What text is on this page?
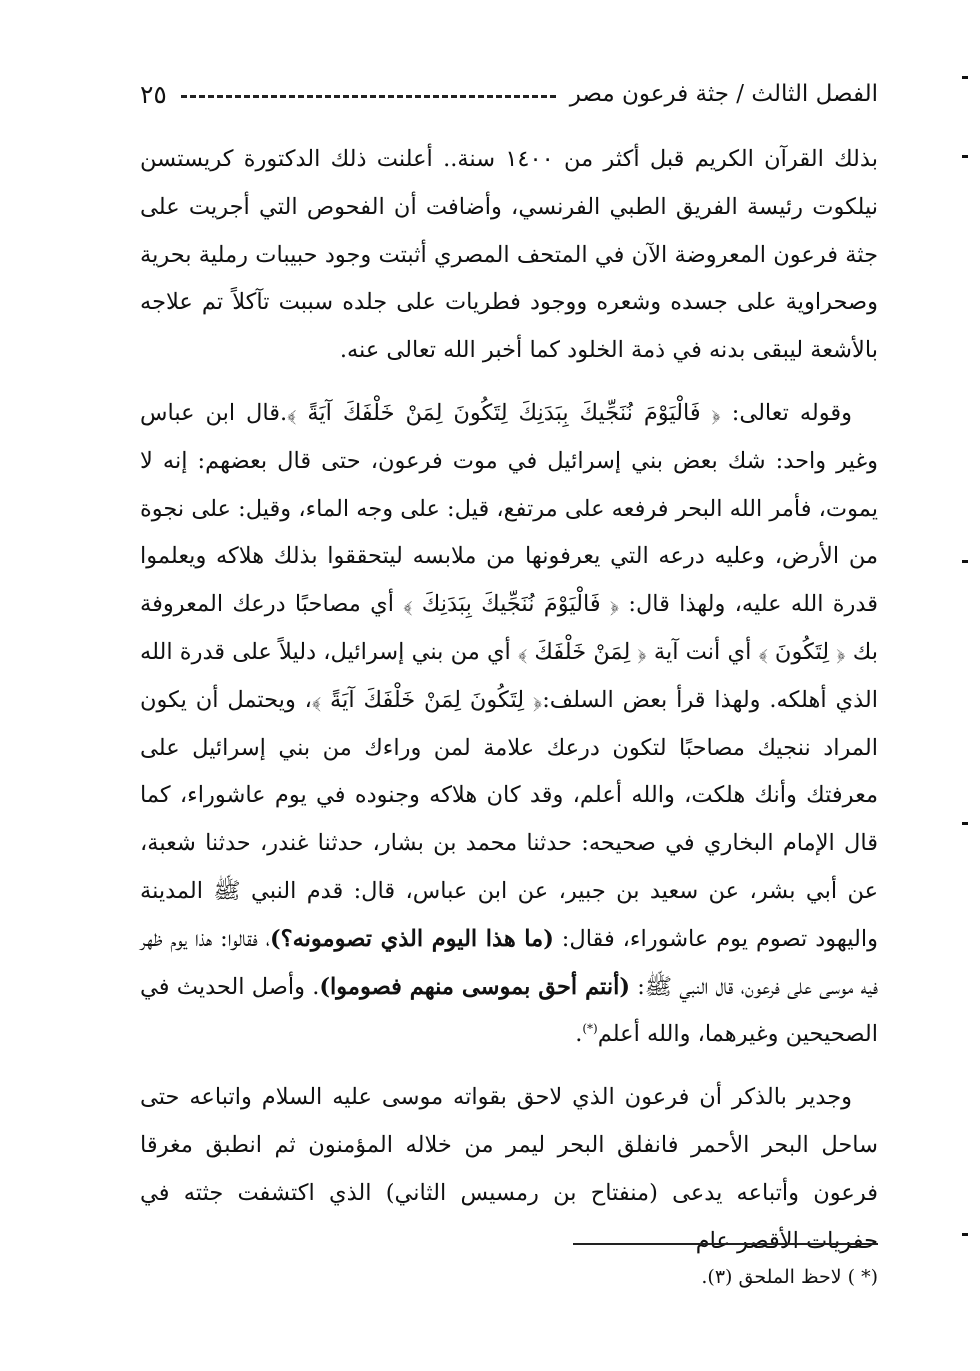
الفصل الثالث / جثة فرعون مصر
٢٥

بذلك القرآن الكريم قبل أكثر من ١٤٠٠ سنة.. أعلنت ذلك الدكتورة كريستسن نيلكوت رئيسة الفريق الطبي الفرنسي، وأضافت أن الفحوص التي أجريت على جثة فرعون المعروضة الآن في المتحف المصري أثبتت وجود حبيبات رملية بحرية وصحراوية على جسده وشعره ووجود فطريات على جلده سببت تآكلاً تم علاجه بالأشعة ليبقى بدنه في ذمة الخلود كما أخبر الله تعالى عنه.

وقوله تعالى: ﴿ فَالْيَوْمَ نُنَجِّيكَ بِبَدَنِكَ لِتَكُونَ لِمَنْ خَلْفَكَ آيَةً ﴾.قال ابن عباس وغير واحد: شك بعض بني إسرائيل في موت فرعون، حتى قال بعضهم: إنه لا يموت، فأمر الله البحر فرفعه على مرتفع، قيل: على وجه الماء، وقيل: على نجوة من الأرض، وعليه درعه التي يعرفونها من ملابسه ليتحققوا بذلك هلاكه ويعلموا قدرة الله عليه، ولهذا قال: ﴿ فَالْيَوْمَ نُنَجِّيكَ بِبَدَنِكَ ﴾ أي مصاحبًا درعك المعروفة بك ﴿ لِتَكُونَ ﴾ أي أنت آية ﴿ لِمَنْ خَلْفَكَ ﴾ أي من بني إسرائيل، دليلاً على قدرة الله الذي أهلكه. ولهذا قرأ بعض السلف:﴿ لِتَكُونَ لِمَنْ خَلْفَكَ آيَةً ﴾، ويحتمل أن يكون المراد ننجيك مصاحبًا لتكون درعك علامة لمن وراءك من بني إسرائيل على معرفتك وأنك هلكت، والله أعلم، وقد كان هلاكه وجنوده في يوم عاشوراء، كما قال الإمام البخاري في صحيحه: حدثنا محمد بن بشار، حدثنا غندر، حدثنا شعبة، عن أبي بشر، عن سعيد بن جبير، عن ابن عباس، قال: قدم النبي ﷺ المدينة واليهود تصوم يوم عاشوراء، فقال: (ما هذا اليوم الذي تصومونه؟)، فقالوا: هذا يوم ظهر فيه موسى على فرعون، قال النبي ﷺ: (أنتم أحق بموسى منهم فصوموا). وأصل الحديث في الصحيحين وغيرهما، والله أعلم(*).

وجدير بالذكر أن فرعون الذي لاحق بقواته موسى عليه السلام واتباعه حتى ساحل البحر الأحمر فانفلق البحر ليمر من خلاله المؤمنون ثم انطبق مغرقا فرعون وأتباعه يدعى (منفتاح بن رمسيس الثاني) الذي اكتشفت جثته في حفريات الأقصر عام

(* ) لاحظ الملحق (٣).
